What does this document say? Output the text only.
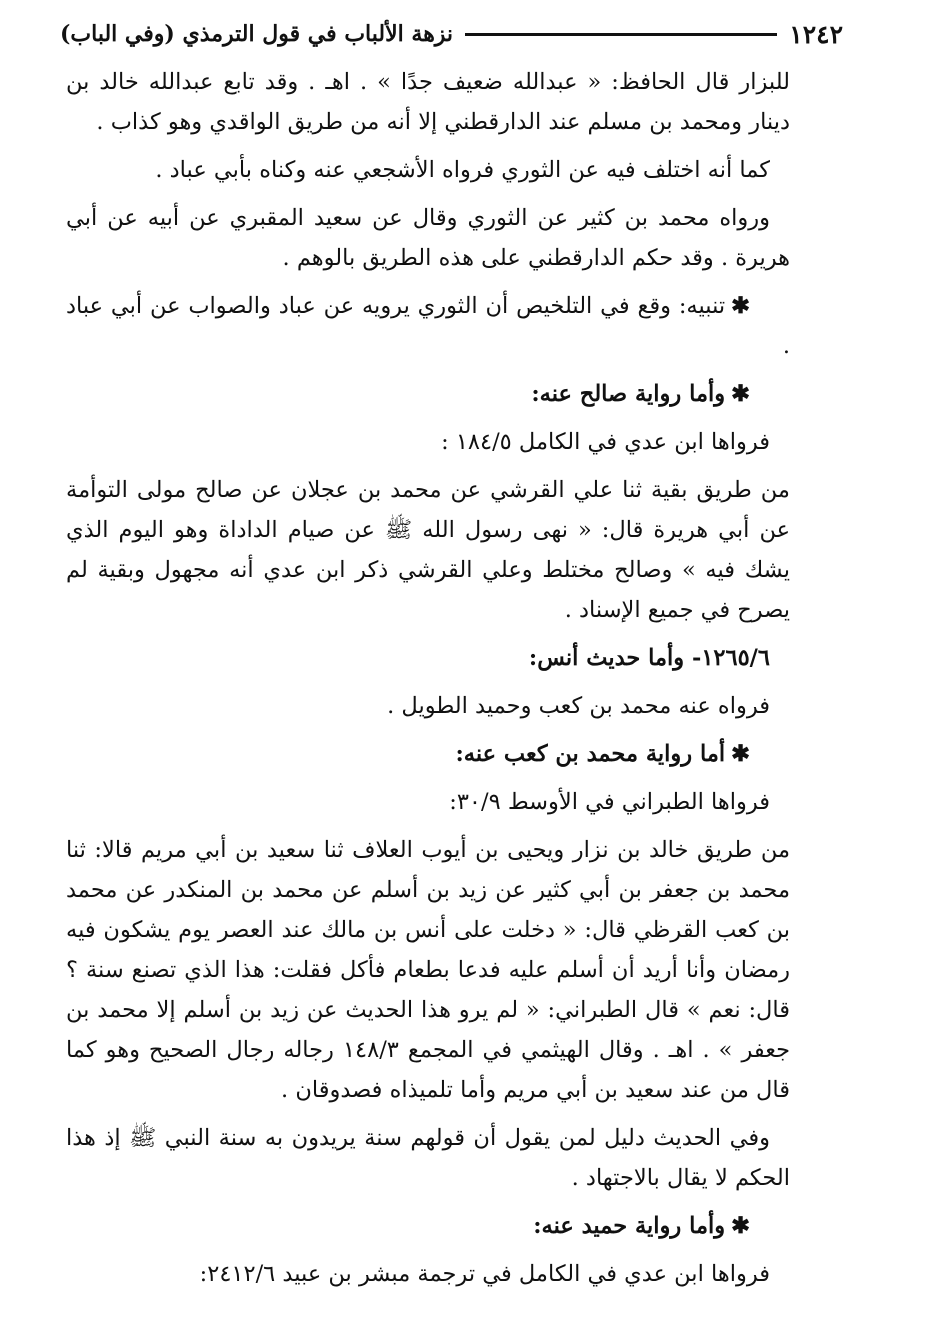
١٢٤٢
نزهة الألباب في قول الترمذي (وفي الباب)

للبزار قال الحافظ: « عبدالله ضعيف جدًا » . اهـ . وقد تابع عبدالله خالد بن دينار ومحمد بن مسلم عند الدارقطني إلا أنه من طريق الواقدي وهو كذاب .

كما أنه اختلف فيه عن الثوري فرواه الأشجعي عنه وكناه بأبي عباد .

ورواه محمد بن كثير عن الثوري وقال عن سعيد المقبري عن أبيه عن أبي هريرة . وقد حكم الدارقطني على هذه الطريق بالوهم .

✱تنبيه: وقع في التلخيص أن الثوري يرويه عن عباد والصواب عن أبي عباد .

✱وأما رواية صالح عنه:

فرواها ابن عدي في الكامل ١٨٤/٥ :

من طريق بقية ثنا علي القرشي عن محمد بن عجلان عن صالح مولى التوأمة عن أبي هريرة قال: « نهى رسول الله ﷺ عن صيام الداداة وهو اليوم الذي يشك فيه » وصالح مختلط وعلي القرشي ذكر ابن عدي أنه مجهول وبقية لم يصرح في جميع الإسناد .

١٢٦٥/٦- وأما حديث أنس:

فرواه عنه محمد بن كعب وحميد الطويل .

✱أما رواية محمد بن كعب عنه:

فرواها الطبراني في الأوسط ٣٠/٩:

من طريق خالد بن نزار ويحيى بن أيوب العلاف ثنا سعيد بن أبي مريم قالا: ثنا محمد بن جعفر بن أبي كثير عن زيد بن أسلم عن محمد بن المنكدر عن محمد بن كعب القرظي قال: « دخلت على أنس بن مالك عند العصر يوم يشكون فيه رمضان وأنا أريد أن أسلم عليه فدعا بطعام فأكل فقلت: هذا الذي تصنع سنة ؟ قال: نعم » قال الطبراني: « لم يرو هذا الحديث عن زيد بن أسلم إلا محمد بن جعفر » . اهـ . وقال الهيثمي في المجمع ١٤٨/٣ رجاله رجال الصحيح وهو كما قال من عند سعيد بن أبي مريم وأما تلميذاه فصدوقان .

وفي الحديث دليل لمن يقول أن قولهم سنة يريدون به سنة النبي ﷺ إذ هذا الحكم لا يقال بالاجتهاد .

✱وأما رواية حميد عنه:

فرواها ابن عدي في الكامل في ترجمة مبشر بن عبيد ٢٤١٢/٦:
